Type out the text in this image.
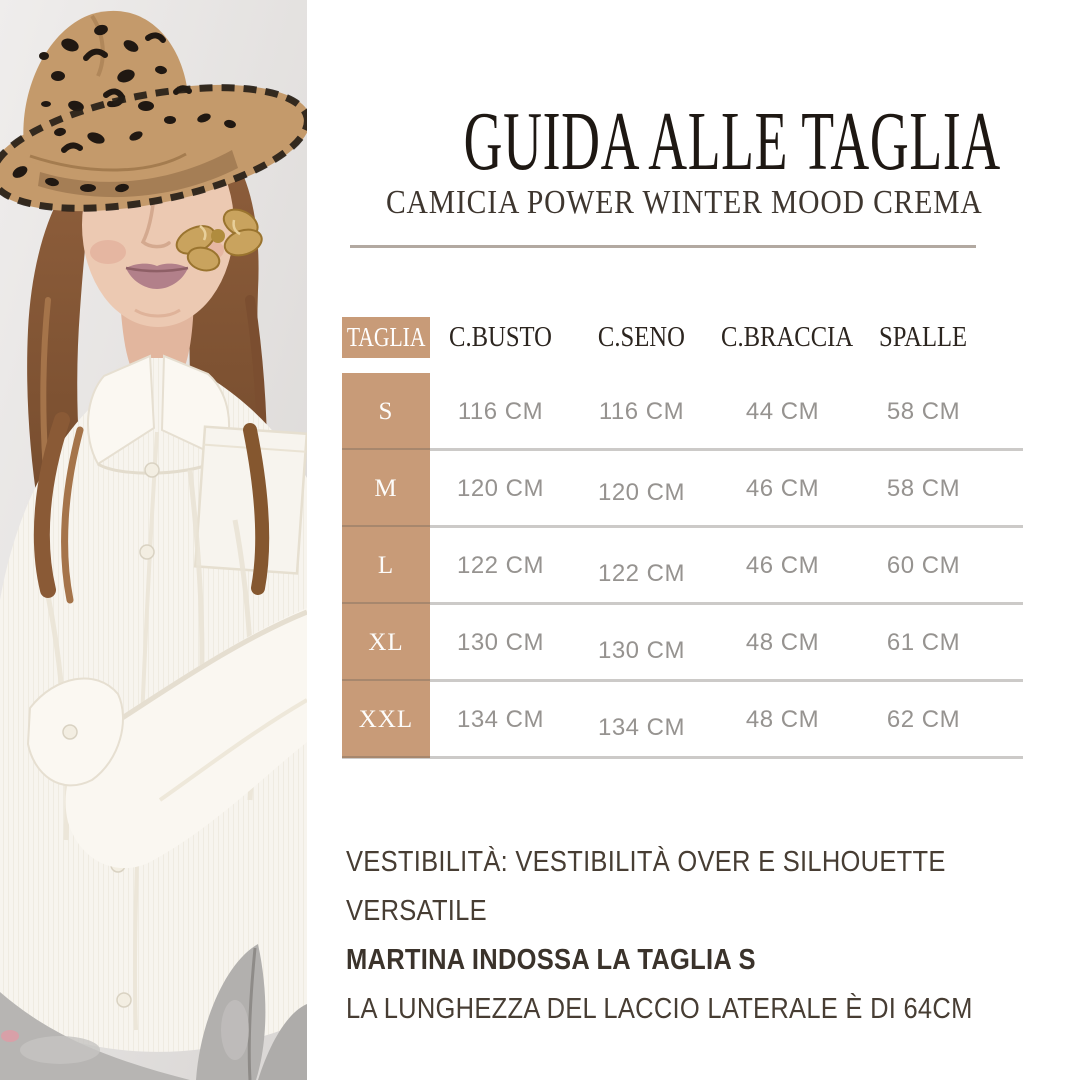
GUIDA ALLE TAGLIA
CAMICIA POWER WINTER MOOD CREMA
TAGLIA C.BUSTO	C.SENO	C.BRACCIA SPALLE
S	116 CM	116 CM	44 CM	58 CM
M	120 CM	120 CM	46 CM	58 CM
L	122 CM	122 CM	46 CM	60 CM
XL	130 CM	130 CM	48 CM	61 CM
XXL	134 CM	134 CM	48 CM	62 CM
VESTIBILITÀ: VESTIBILITÀ OVER E SILHOUETTE
VERSATILE
MARTINA INDOSSA LA TAGLIA S
LA LUNGHEZZA DEL LACCIO LATERALE È DI 64CM
